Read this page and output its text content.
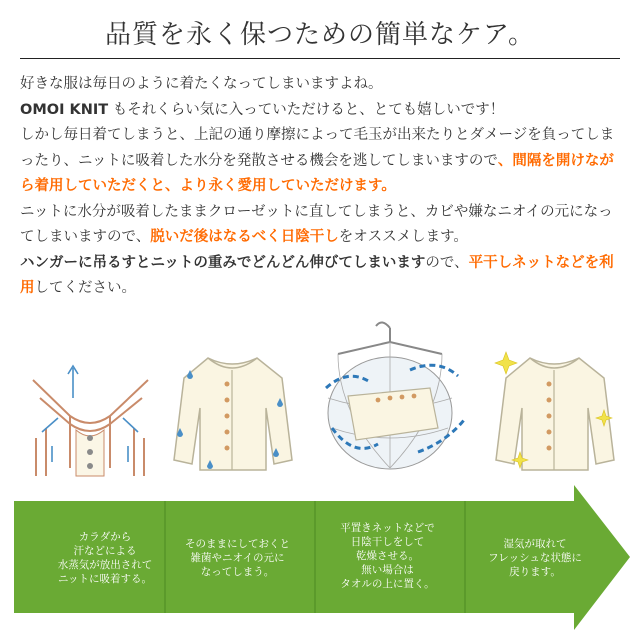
品質を永く保つための簡単なケア。

好きな服は毎日のように着たくなってしまいますよね。

OMOI KNIT もそれくらい気に入っていただけると、とても嬉しいです！

しかし毎日着てしまうと、上記の通り摩擦によって毛玉が出来たりとダメージを負ってしまったり、ニットに吸着した水分を発散させる機会を逃してしまいますので、間隔を開けながら着用していただくと、より永く愛用していただけます。

ニットに水分が吸着したままクローゼットに直してしまうと、カビや嫌なニオイの元になってしまいますので、脱いだ後はなるべく日陰干しをオススメします。

ハンガーに吊るすとニットの重みでどんどん伸びてしまいますので、平干しネットなどを利用してください。

カラダから
汗などによる
水蒸気が放出されて
ニットに吸着する。
そのままにしておくと
雑菌やニオイの元に
なってしまう。
平置きネットなどで
日陰干しをして
乾燥させる。
無い場合は
タオルの上に置く。
湿気が取れて
フレッシュな状態に
戻ります。
